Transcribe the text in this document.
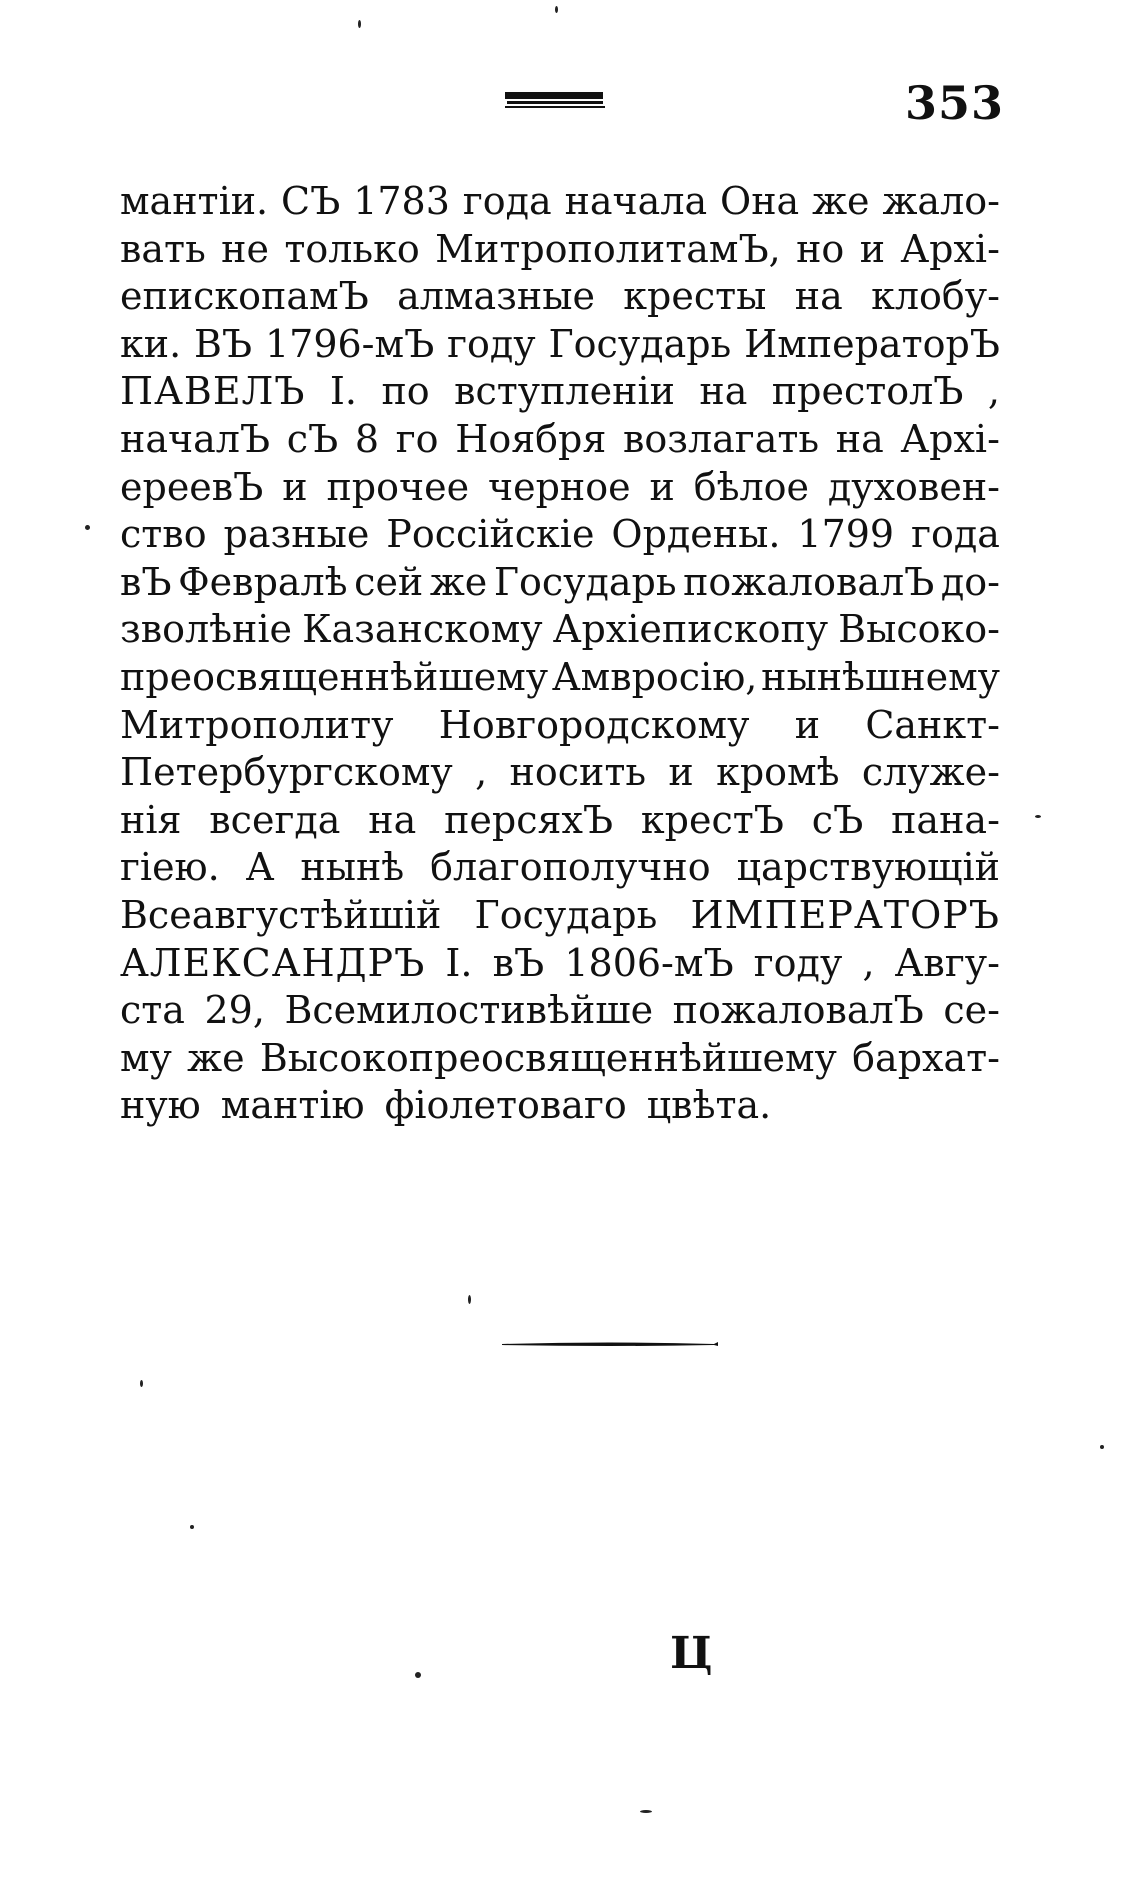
353
мантіи. СЪ 1783 года начала Она же жало-
вать не только МитрополитамЪ, но и Архі-
епископамЪ алмазные кресты на клобу-
ки. ВЪ 1796-мЪ году Государь ИмператорЪ
ПАВЕЛЪ I. по вступленіи на престолЪ ,
началЪ сЪ 8 го Ноября возлагать на Архі-
ереевЪ и прочее черное и бѣлое духовен-
ство разные Россійскіе Ордены. 1799 года
вЪ Февралѣ сей же Государь пожаловалЪ до-
зволѣніе Казанскому Архіепископу Высоко-
преосвященнѣйшему Амвросію, нынѣшнему
Митрополиту Новгородскому и Санкт-
Петербургскому , носить и кромѣ служе-
нія всегда на персяхЪ крестЪ сЪ пана-
гіею. А нынѣ благополучно царствующій
Всеавгустѣйшій Государь ИМПЕРАТОРЪ
АЛЕКСАНДРЪ I. вЪ 1806-мЪ году , Авгу-
ста 29, Всемилостивѣйше пожаловалЪ се-
му же Высокопреосвященнѣйшему бархат-
ную мантію фіолетоваго цвѣта.
Ц
